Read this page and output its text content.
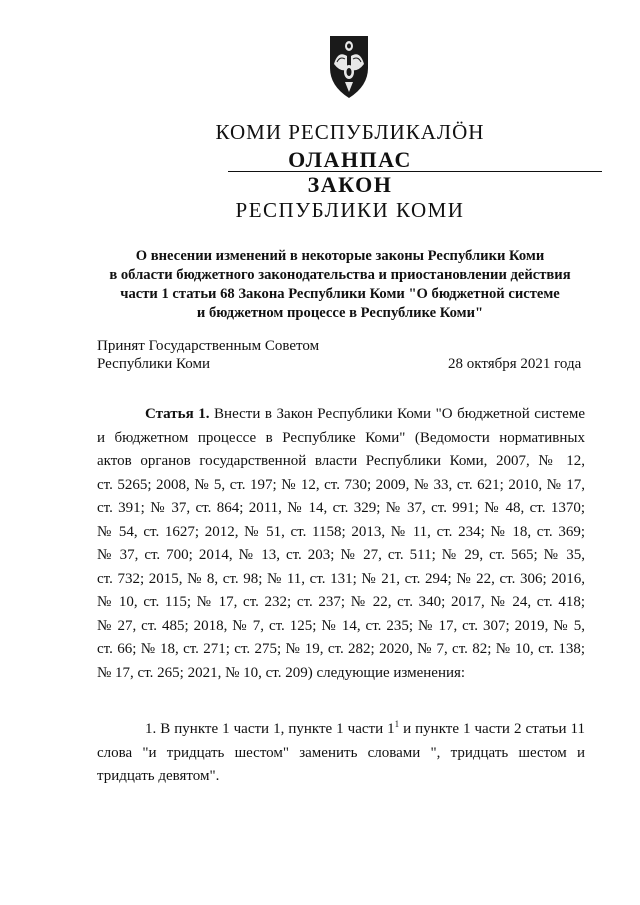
КОМИ РЕСПУБЛИКАЛӦН
ОЛАНПАС
ЗАКОН
РЕСПУБЛИКИ КОМИ
О внесении изменений в некоторые законы Республики Коми
в области бюджетного законодательства и приостановлении действия
части 1 статьи 68 Закона Республики Коми "О бюджетной системе
и бюджетном процессе в Республике Коми"
Принят Государственным Советом
Республики Коми	28 октября 2021 года
Статья 1. Внести в Закон Республики Коми "О бюджетной системе
и бюджетном процессе в Республике Коми" (Ведомости нормативных
актов органов государственной власти Республики Коми, 2007, № 12,
ст. 5265; 2008, № 5, ст. 197; № 12, ст. 730; 2009, № 33, ст. 621; 2010, № 17,
ст. 391; № 37, ст. 864; 2011, № 14, ст. 329; № 37, ст. 991; № 48, ст. 1370;
№ 54, ст. 1627; 2012, № 51, ст. 1158; 2013, № 11, ст. 234; № 18, ст. 369;
№ 37, ст. 700; 2014, № 13, ст. 203; № 27, ст. 511; № 29, ст. 565; № 35,
ст. 732; 2015, № 8, ст. 98; № 11, ст. 131; № 21, ст. 294; № 22, ст. 306; 2016,
№ 10, ст. 115; № 17, ст. 232; ст. 237; № 22, ст. 340; 2017, № 24, ст. 418;
№ 27, ст. 485; 2018, № 7, ст. 125; № 14, ст. 235; № 17, ст. 307; 2019, № 5,
ст. 66; № 18, ст. 271; ст. 275; № 19, ст. 282; 2020, № 7, ст. 82; № 10, ст. 138;
№ 17, ст. 265; 2021, № 10, ст. 209) следующие изменения:
1. В пункте 1 части 1, пункте 1 части $1^1$ и пункте 1 части 2 статьи 11
слова "и тридцать шестом" заменить словами ", тридцать шестом и
тридцать девятом".
